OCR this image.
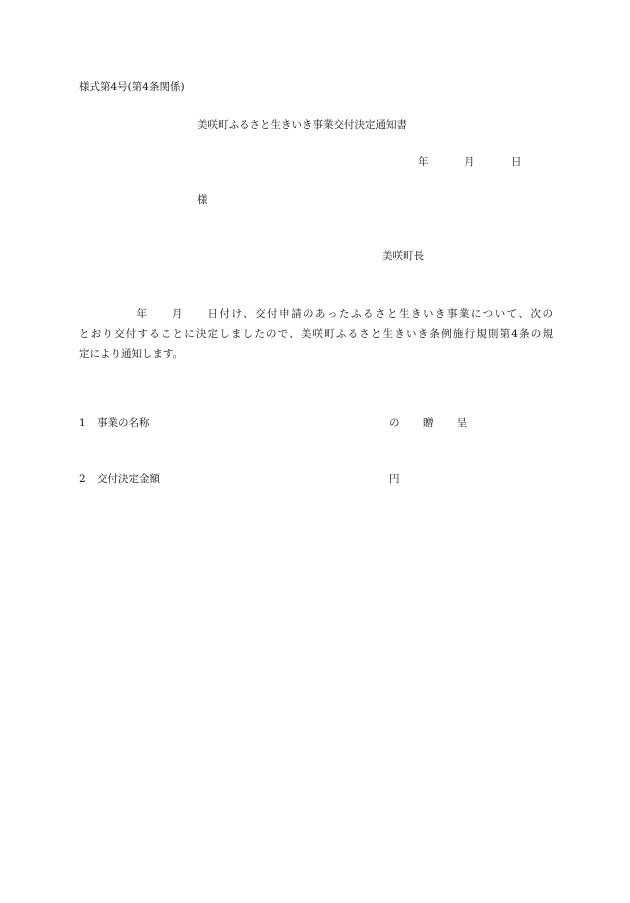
様式第4号(第4条関係)
美咲町ふるさと生きいき事業交付決定通知書
年	月	日
様
美咲町長
年 月 日付け、交付申請のあったふるさと生きいき事業について、次の
とおり交付することに決定しましたので、美咲町ふるさと生きいき条例施行規則第4条の規
定により通知します。
1 事業の名称	の 贈 呈
2 交付決定金額	円
